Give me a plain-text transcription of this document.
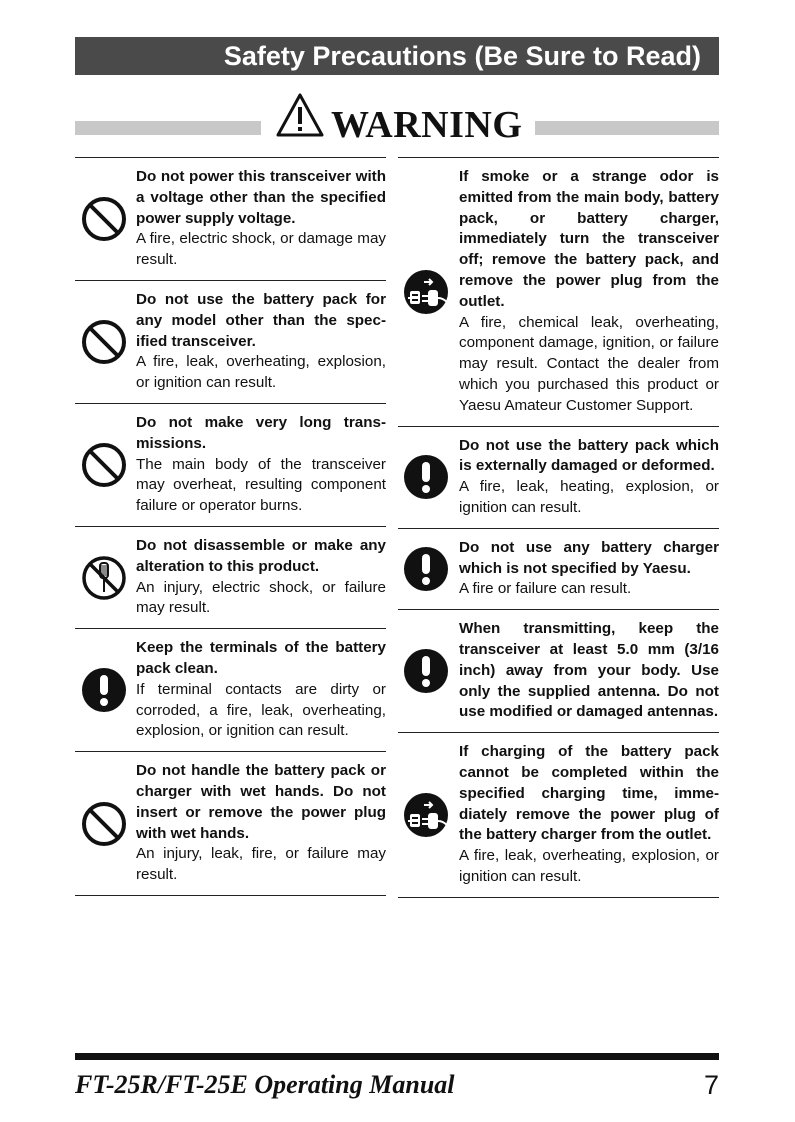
Safety Precautions (Be Sure to Read)
WARNING
Do not power this transceiver with a voltage other than the specified power supply voltage.
A fire, electric shock, or damage may result.
Do not use the battery pack for any model other than the specified transceiver.
A fire, leak, overheating, explosion, or ignition can result.
Do not make very long transmissions.
The main body of the transceiver may overheat, resulting component failure or operator burns.
Do not disassemble or make any alteration to this product.
An injury, electric shock, or failure may result.
Keep the terminals of the battery pack clean.
If terminal contacts are dirty or corroded, a fire, leak, overheating, explosion, or ignition can result.
Do not handle the battery pack or charger with wet hands. Do not insert or remove the power plug with wet hands.
An injury, leak, fire, or failure may result.
If smoke or a strange odor is emitted from the main body, battery pack, or battery charger, immediately turn the transceiver off; remove the battery pack, and remove the power plug from the outlet.
A fire, chemical leak, overheating, component damage, ignition, or failure may result. Contact the dealer from which you purchased this product or Yaesu Amateur Customer Support.
Do not use the battery pack which is externally damaged or deformed.
A fire, leak, heating, explosion, or ignition can result.
Do not use any battery charger which is not specified by Yaesu.
A fire or failure can result.
When transmitting, keep the transceiver at least 5.0 mm (3/16 inch) away from your body. Use only the supplied antenna. Do not use modified or damaged antennas.
If charging of the battery pack cannot be completed within the specified charging time, immediately remove the power plug of the battery charger from the outlet.
A fire, leak, overheating, explosion, or ignition can result.
FT-25R/FT-25E Operating Manual	7
